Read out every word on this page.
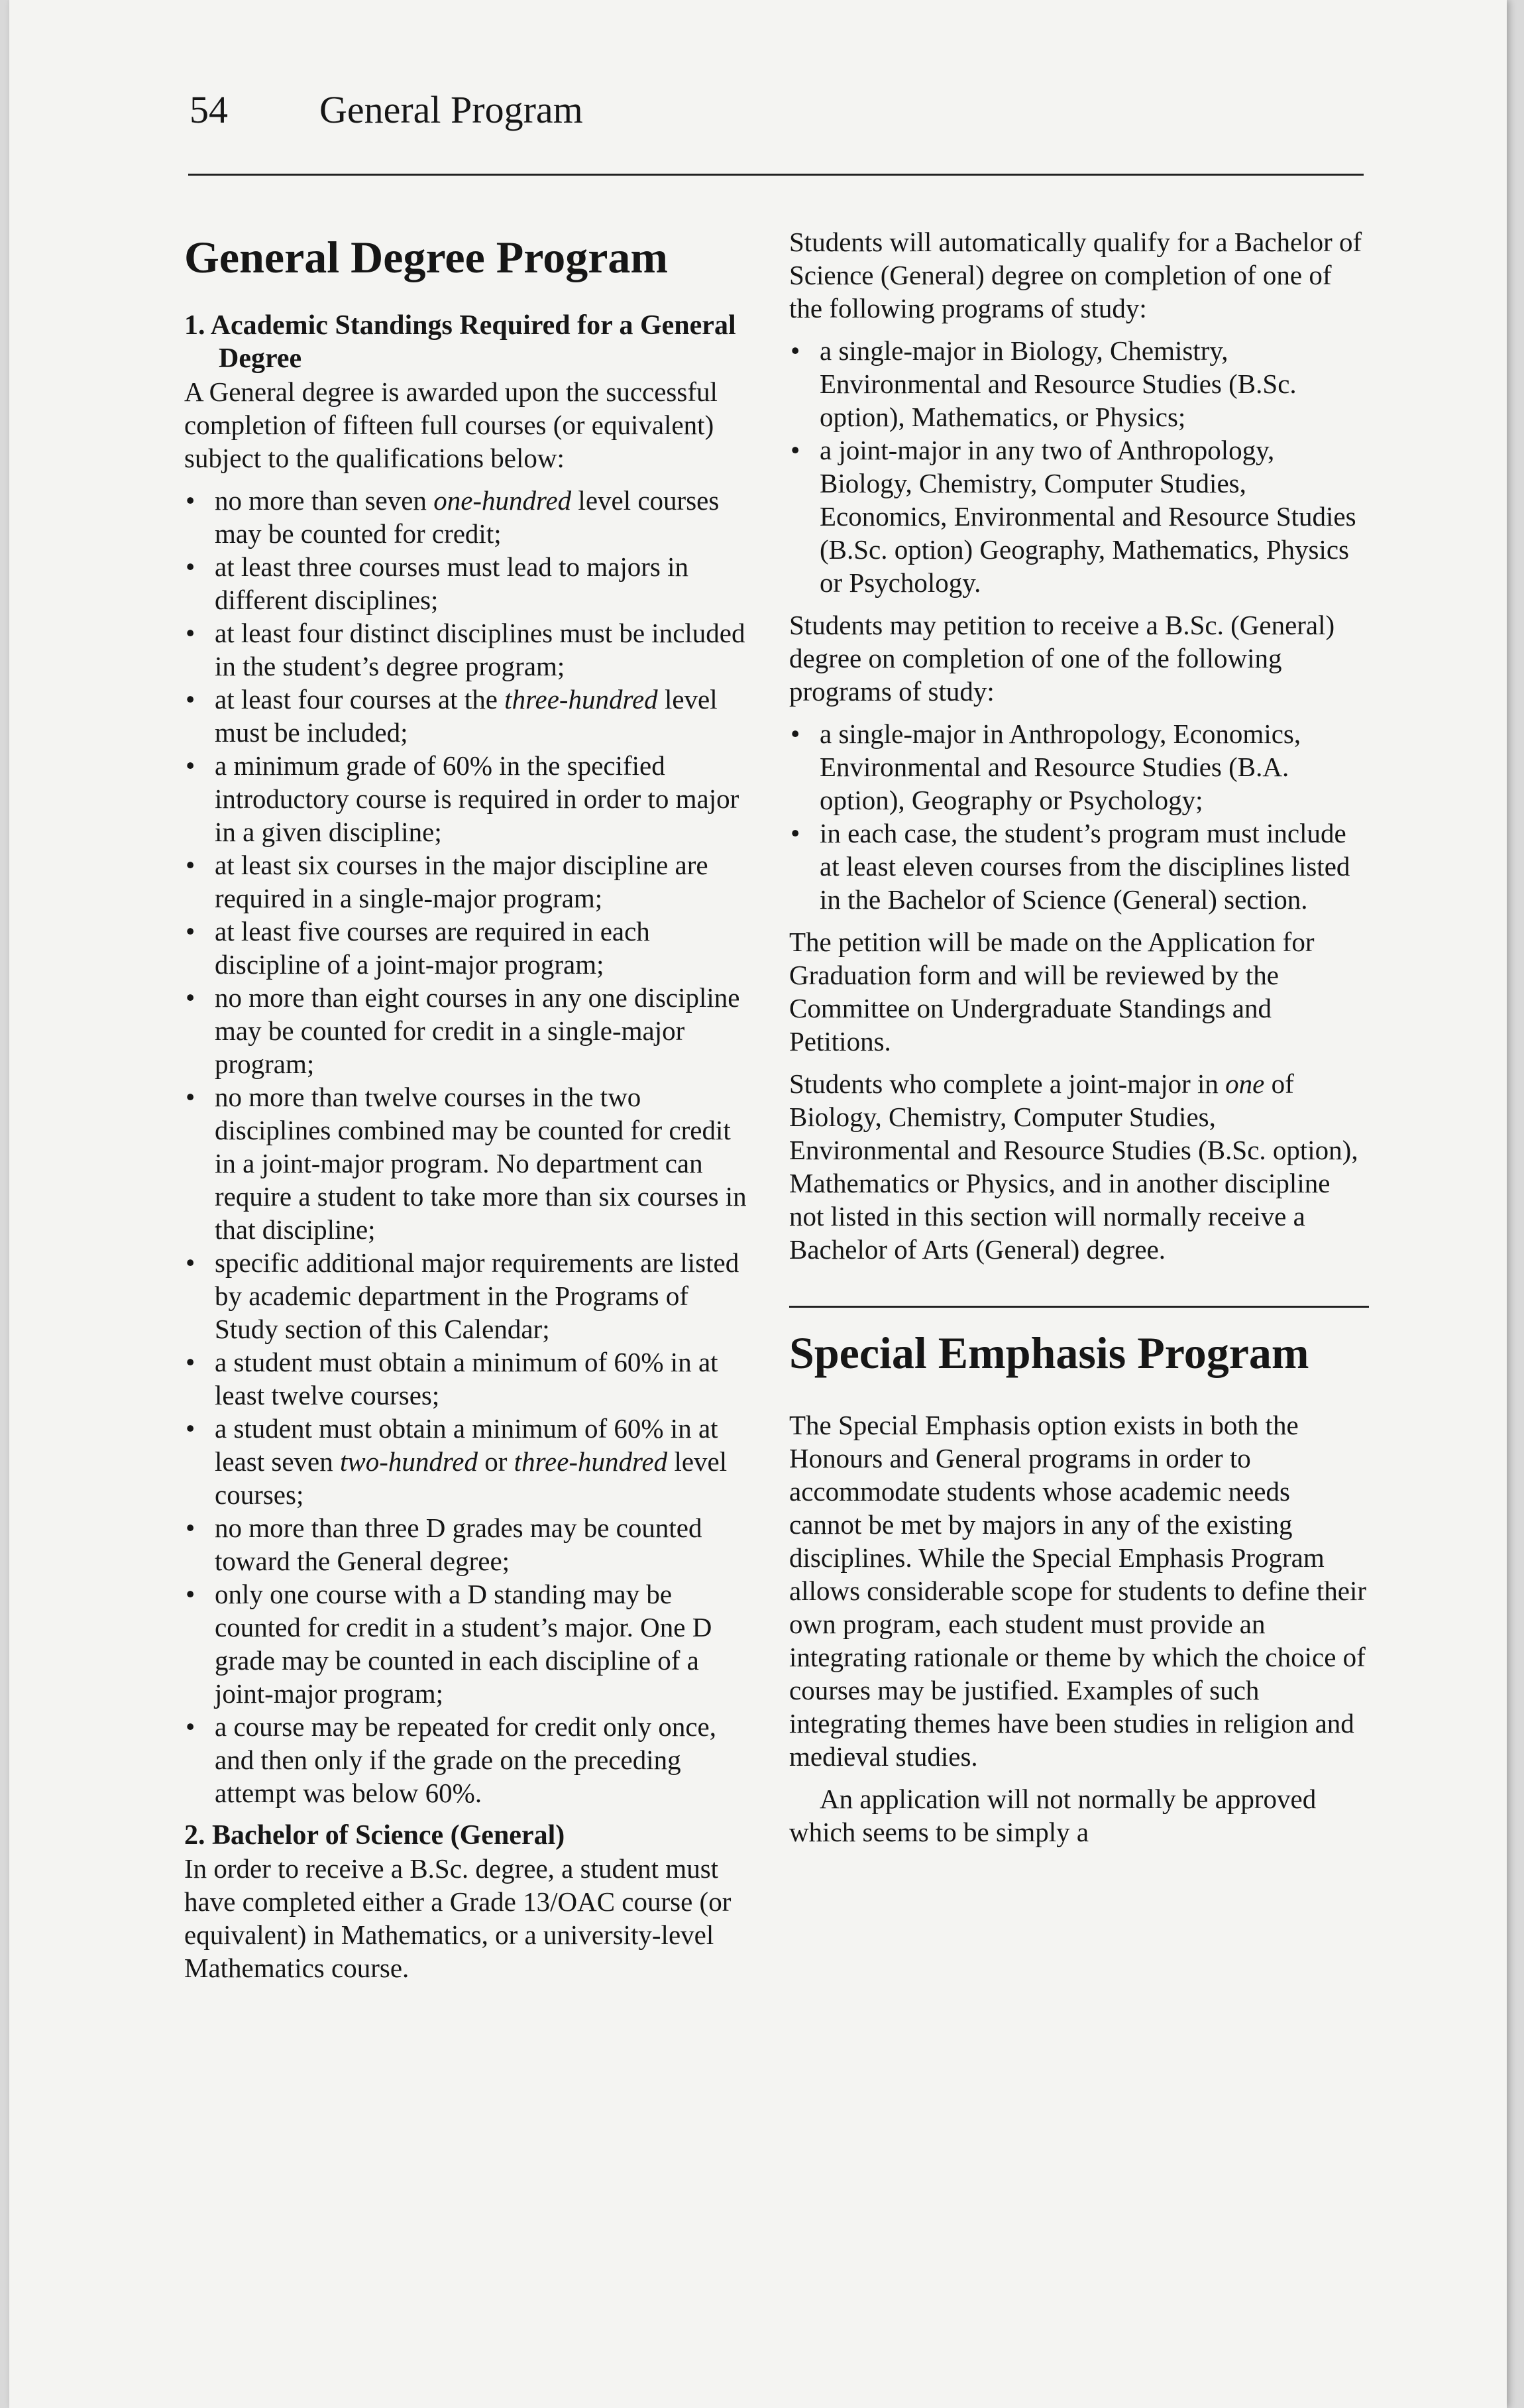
54 General Program
General Degree Program
1. Academic Standings Required for a General Degree

A General degree is awarded upon the successful completion of fifteen full courses (or equivalent) subject to the qualifications below:

• no more than seven one-hundred level courses may be counted for credit;
• at least three courses must lead to majors in different disciplines;
• at least four distinct disciplines must be included in the student’s degree program;
• at least four courses at the three-hundred level must be included;
• a minimum grade of 60% in the specified introductory course is required in order to major in a given discipline;
• at least six courses in the major discipline are required in a single-major program;
• at least five courses are required in each discipline of a joint-major program;
• no more than eight courses in any one discipline may be counted for credit in a single-major program;
• no more than twelve courses in the two disciplines combined may be counted for credit in a joint-major program. No department can require a student to take more than six courses in that discipline;
• specific additional major requirements are listed by academic department in the Programs of Study section of this Calendar;
• a student must obtain a minimum of 60% in at least twelve courses;
• a student must obtain a minimum of 60% in at least seven two-hundred or three-hundred level courses;
• no more than three D grades may be counted toward the General degree;
• only one course with a D standing may be counted for credit in a student’s major. One D grade may be counted in each discipline of a joint-major program;
• a course may be repeated for credit only once, and then only if the grade on the preceding attempt was below 60%.
2. Bachelor of Science (General)

In order to receive a B.Sc. degree, a student must have completed either a Grade 13/OAC course (or equivalent) in Mathematics, or a university-level Mathematics course.

Students will automatically qualify for a Bachelor of Science (General) degree on completion of one of the following programs of study:

• a single-major in Biology, Chemistry, Environmental and Resource Studies (B.Sc. option), Mathematics, or Physics;
• a joint-major in any two of Anthropology, Biology, Chemistry, Computer Studies, Economics, Environmental and Resource Studies (B.Sc. option) Geography, Mathematics, Physics or Psychology.

Students may petition to receive a B.Sc. (General) degree on completion of one of the following programs of study:

• a single-major in Anthropology, Economics, Environmental and Resource Studies (B.A. option), Geography or Psychology;
• in each case, the student’s program must include at least eleven courses from the disciplines listed in the Bachelor of Science (General) section.

The petition will be made on the Application for Graduation form and will be reviewed by the Committee on Undergraduate Standings and Petitions.

Students who complete a joint-major in one of Biology, Chemistry, Computer Studies, Environmental and Resource Studies (B.Sc. option), Mathematics or Physics, and in another discipline not listed in this section will normally receive a Bachelor of Arts (General) degree.

Special Emphasis Program

The Special Emphasis option exists in both the Honours and General programs in order to accommodate students whose academic needs cannot be met by majors in any of the existing disciplines. While the Special Emphasis Program allows considerable scope for students to define their own program, each student must provide an integrating rationale or theme by which the choice of courses may be justified. Examples of such integrating themes have been studies in religion and medieval studies.

An application will not normally be approved which seems to be simply a
